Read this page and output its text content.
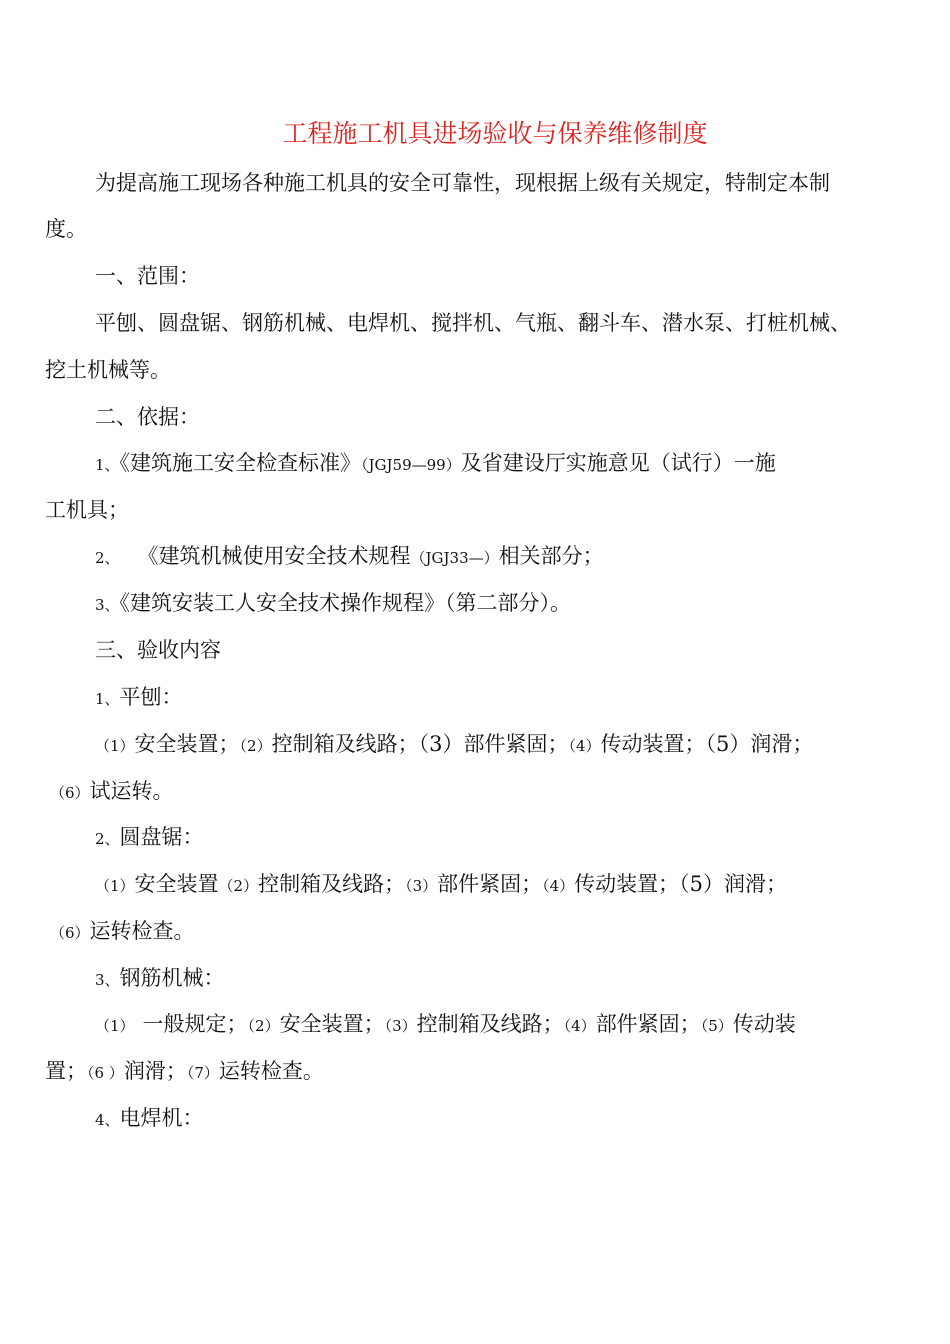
工程施工机具进场验收与保养维修制度
为提高施工现场各种施工机具的安全可靠性，现根据上级有关规定，特制定本制
度。
一、范围：
平刨、圆盘锯、钢筋机械、电焊机、搅拌机、气瓶、翻斗车、潜水泵、打桩机械、
挖土机械等。
二、依据：
1、《建筑施工安全检查标准》（JGJ59—99）及省建设厅实施意见（试行）一施
工机具；
2、 《建筑机械使用安全技术规程（JGJ33—）相关部分；
3、《建筑安装工人安全技术操作规程》（第二部分）。
三、验收内容
1、平刨：
（1）安全装置；（2）控制箱及线路；（3）部件紧固；（4）传动装置；（5）润滑；
（6）试运转。
2、圆盘锯：
（1）安全装置（2）控制箱及线路；（3）部件紧固；（4）传动装置；（5）润滑；
（6）运转检查。
3、钢筋机械：
（1） 一般规定；（2）安全装置；（3）控制箱及线路；（4）部件紧固；（5）传动装
置；（6 ）润滑；（7）运转检查。
4、电焊机：
